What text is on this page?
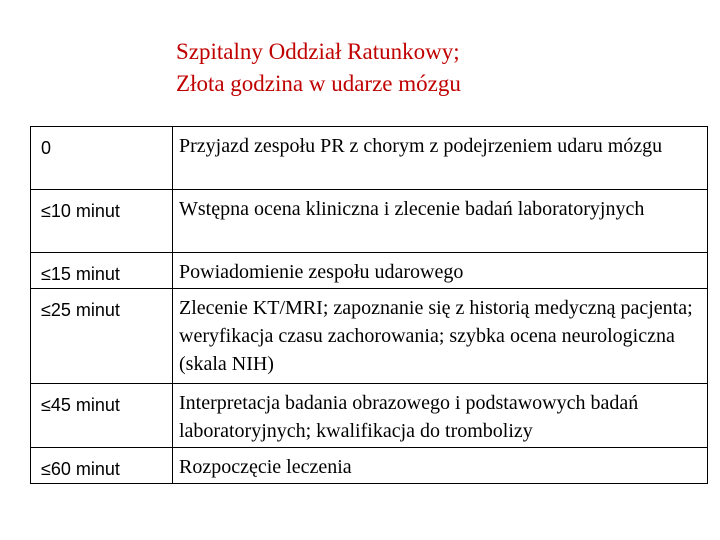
Szpitalny Oddział Ratunkowy;
Złota godzina w udarze mózgu
0	Przyjazd zespołu PR z chorym z podejrzeniem udaru mózgu
≤10 minut	Wstępna ocena kliniczna i zlecenie badań laboratoryjnych
≤15 minut	Powiadomienie zespołu udarowego
≤25 minut	Zlecenie KT/MRI; zapoznanie się z historią medyczną pacjenta; weryfikacja czasu zachorowania; szybka ocena neurologiczna (skala NIH)
≤45 minut	Interpretacja badania obrazowego i podstawowych badań laboratoryjnych; kwalifikacja do trombolizy
≤60 minut	Rozpoczęcie leczenia
